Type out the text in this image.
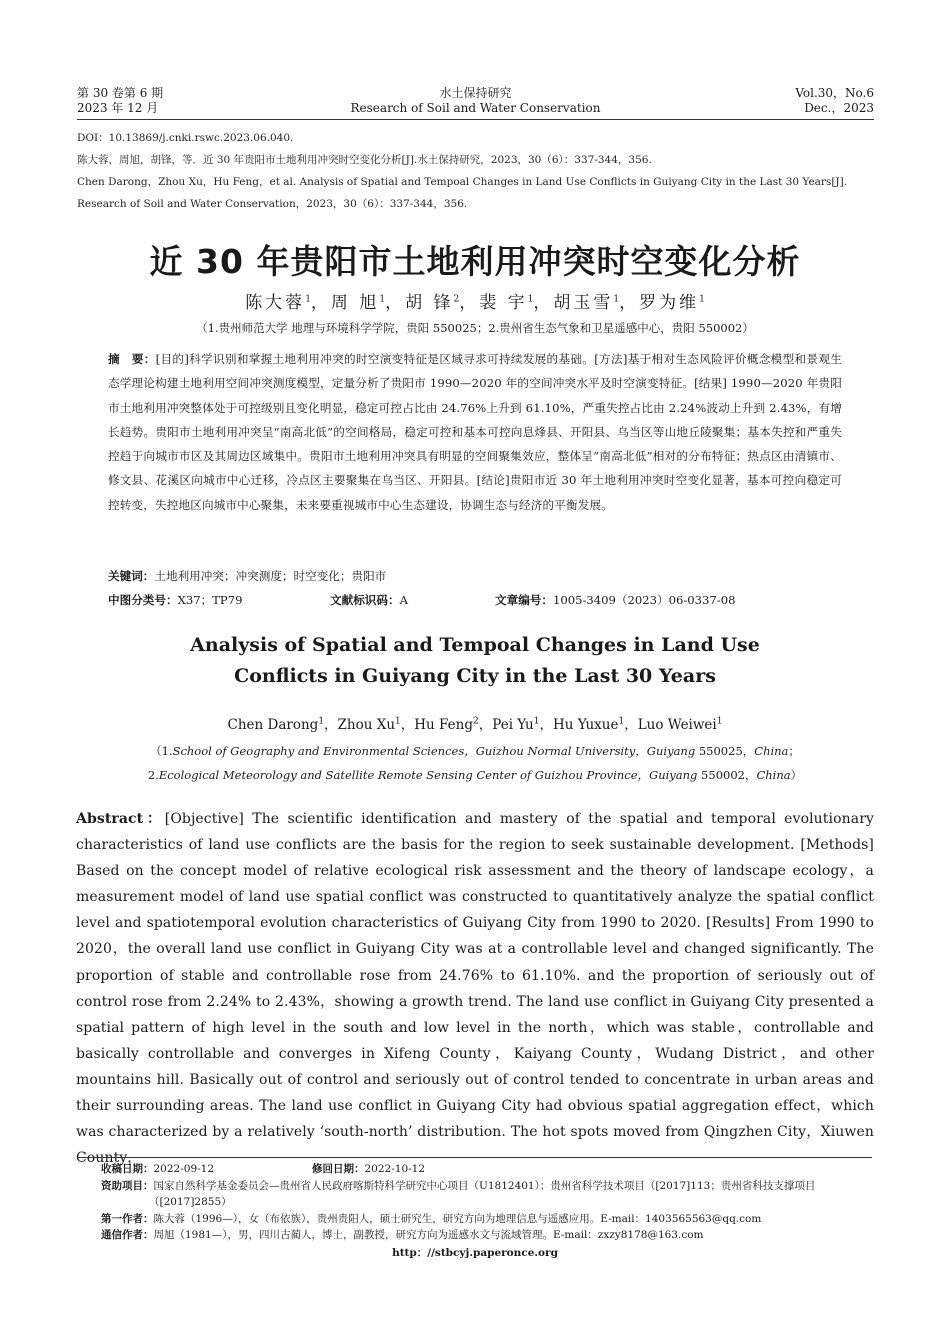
第 30 卷第 6 期
2023 年 12 月
水土保持研究
Research of Soil and Water Conservation
Vol.30，No.6
Dec.，2023
DOI：10.13869/j.cnki.rswc.2023.06.040.
陈大蓉，周旭，胡锋，等．近 30 年贵阳市土地利用冲突时空变化分析[J].水土保持研究，2023，30（6）：337-344，356.
Chen Darong，Zhou Xu，Hu Feng，et al. Analysis of Spatial and Tempoal Changes in Land Use Conflicts in Guiyang City in the Last 30 Years[J].
Research of Soil and Water Conservation，2023，30（6）：337-344，356.
近 30 年贵阳市土地利用冲突时空变化分析
陈大蓉$^1$，周 旭$^1$，胡 锋$^2$，裴 宇$^1$，胡玉雪$^1$，罗为维$^1$
（1.贵州师范大学 地理与环境科学学院，贵阳 550025；2.贵州省生态气象和卫星遥感中心，贵阳 550002）
摘　要：[目的]科学识别和掌握土地利用冲突的时空演变特征是区域寻求可持续发展的基础。[方法]基于相对生态风险评价概念模型和景观生态学理论构建土地利用空间冲突测度模型，定量分析了贵阳市 1990—2020 年的空间冲突水平及时空演变特征。[结果] 1990—2020 年贵阳市土地利用冲突整体处于可控级别且变化明显，稳定可控占比由 24.76%上升到 61.10%，严重失控占比由 2.24%波动上升到 2.43%，有增长趋势。贵阳市土地利用冲突呈“南高北低”的空间格局，稳定可控和基本可控向息烽县、开阳县、乌当区等山地丘陵聚集；基本失控和严重失控趋于向城市市区及其周边区域集中。贵阳市土地利用冲突具有明显的空间聚集效应，整体呈“南高北低”相对的分布特征；热点区由清镇市、修文县、花溪区向城市中心迁移，冷点区主要聚集在乌当区、开阳县。[结论]贵阳市近 30 年土地利用冲突时空变化显著，基本可控向稳定可控转变，失控地区向城市中心聚集，未来要重视城市中心生态建设，协调生态与经济的平衡发展。
关键词：土地利用冲突；冲突测度；时空变化；贵阳市
中图分类号：X37；TP79	文献标识码：A	文章编号：1005-3409（2023）06-0337-08
Analysis of Spatial and Tempoal Changes in Land Use
Conflicts in Guiyang City in the Last 30 Years
Chen Darong$^1$，Zhou Xu$^1$，Hu Feng$^2$，Pei Yu$^1$，Hu Yuxue$^1$，Luo Weiwei$^1$
（1.School of Geography and Environmental Sciences，Guizhou Normal University，Guiyang 550025，China；
2.Ecological Meteorology and Satellite Remote Sensing Center of Guizhou Province，Guiyang 550002，China）
Abstract：[Objective] The scientific identification and mastery of the spatial and temporal evolutionary characteristics of land use conflicts are the basis for the region to seek sustainable development. [Methods] Based on the concept model of relative ecological risk assessment and the theory of landscape ecology，a measurement model of land use spatial conflict was constructed to quantitatively analyze the spatial conflict level and spatiotemporal evolution characteristics of Guiyang City from 1990 to 2020. [Results] From 1990 to 2020，the overall land use conflict in Guiyang City was at a controllable level and changed significantly. The proportion of stable and controllable rose from 24.76% to 61.10%. and the proportion of seriously out of control rose from 2.24% to 2.43%，showing a growth trend. The land use conflict in Guiyang City presented a spatial pattern of high level in the south and low level in the north，which was stable，controllable and basically controllable and converges in Xifeng County，Kaiyang County，Wudang District，and other mountains hill. Basically out of control and seriously out of control tended to concentrate in urban areas and their surrounding areas. The land use conflict in Guiyang City had obvious spatial aggregation effect，which was characterized by a relatively ‘south-north’ distribution. The hot spots moved from Qingzhen City，Xiuwen County，
收稿日期：2022-09-12	修回日期：2022-10-12
资助项目：国家自然科学基金委员会—贵州省人民政府喀斯特科学研究中心项目（U1812401）；贵州省科学技术项目（[2017]113；贵州省科技支撑项目（[2017]2855）
第一作者：陈大蓉（1996—），女（布依族），贵州贵阳人，硕士研究生，研究方向为地理信息与遥感应用。E-mail：1403565563@qq.com
通信作者：周旭（1981—），男，四川古蔺人，博士，副教授，研究方向为遥感水文与流域管理。E-mail：zxzy8178@163.com
http：//stbcyj.paperonce.org
